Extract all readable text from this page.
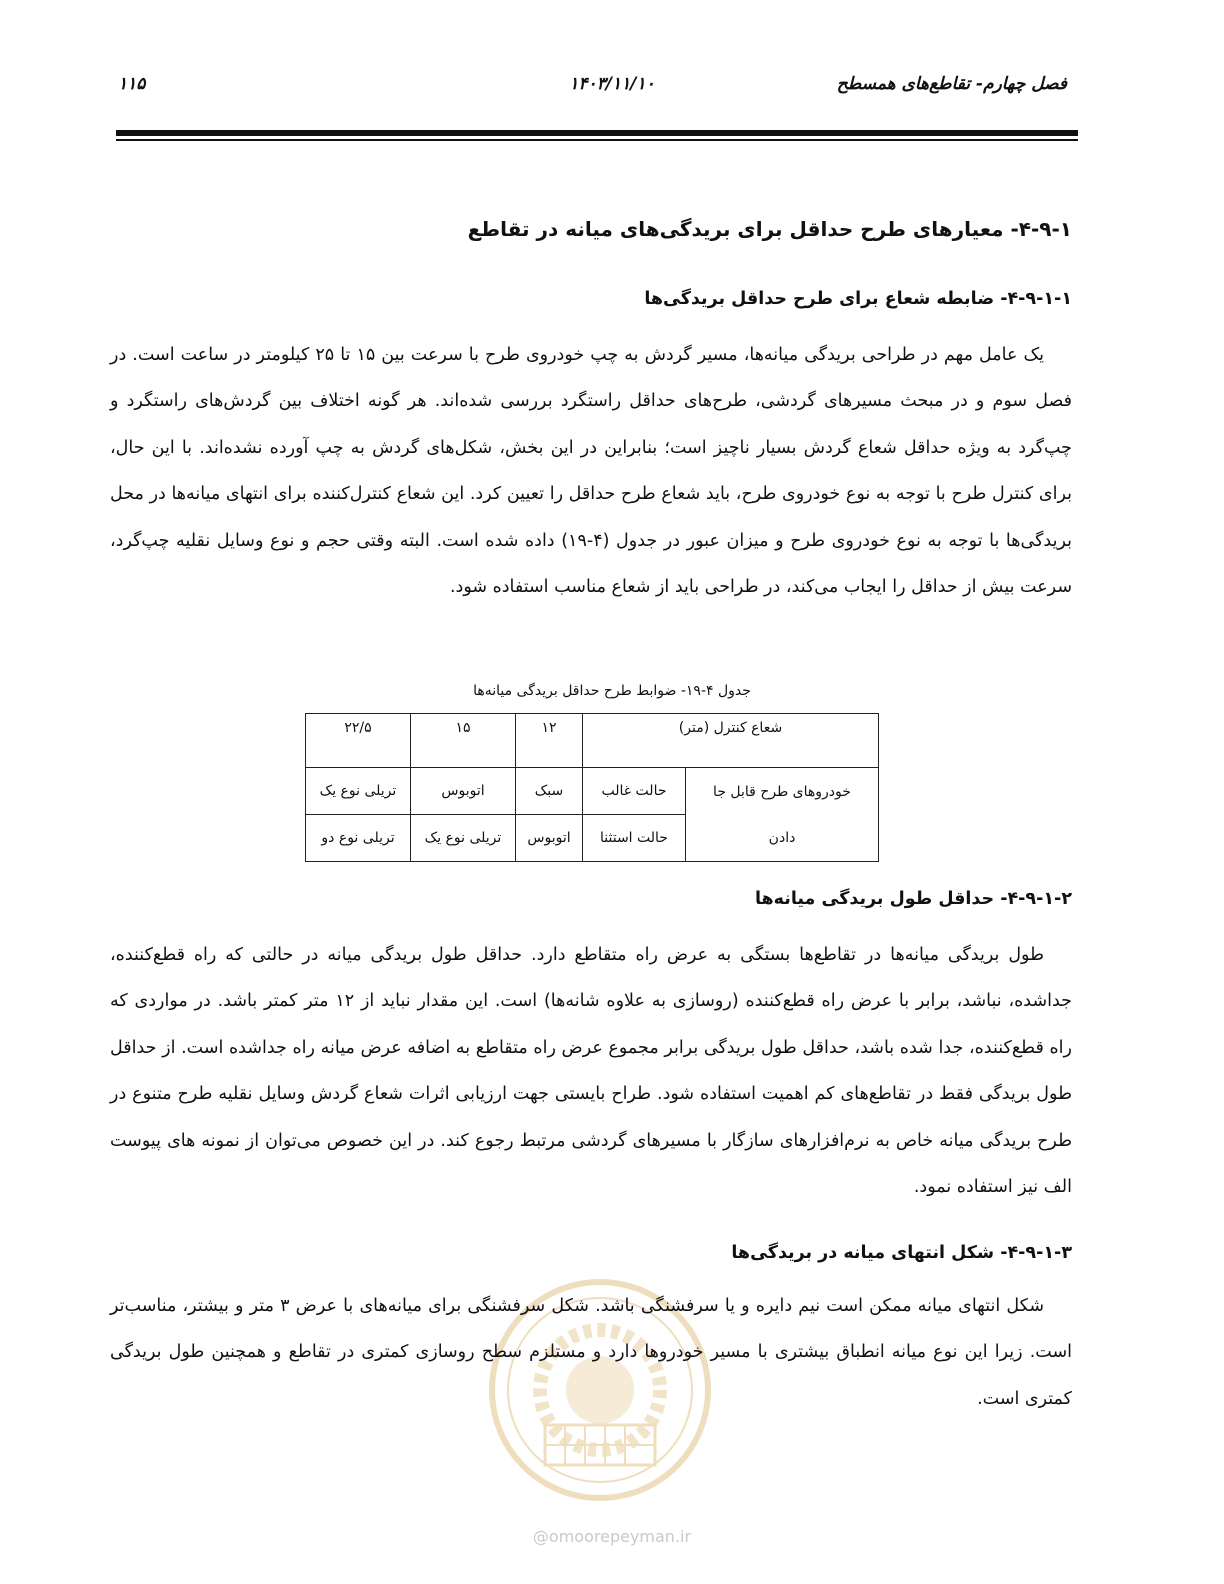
فصل چهارم- تقاطع‌های همسطح
۱۴۰۳/۱۱/۱۰
۱۱۵
۴-۹-۱- معیارهای طرح حداقل برای بریدگی‌های میانه در تقاطع
۴-۹-۱-۱- ضابطه شعاع برای طرح حداقل بریدگی‌ها
یک عامل مهم در طراحی بریدگی میانه‌ها، مسیر گردش به چپ خودروی طرح با سرعت بین ۱۵ تا ۲۵ کیلومتر در ساعت است. در فصل سوم و در مبحث مسیرهای گردشی، طرح‌های حداقل راستگرد بررسی شده‌اند. هر گونه اختلاف بین گردش‌های راستگرد و چپ‌گرد به ویژه حداقل شعاع گردش بسیار ناچیز است؛ بنابراین در این بخش، شکل‌های گردش به چپ آورده نشده‌اند. با این حال، برای کنترل طرح با توجه به نوع خودروی طرح، باید شعاع طرح حداقل را تعیین کرد. این شعاع کنترل‌کننده برای انتهای میانه‌ها در محل بریدگی‌ها با توجه به نوع خودروی طرح و میزان عبور در جدول (۴-۱۹) داده شده است. البته وقتی حجم و نوع وسایل نقلیه چپ‌گرد، سرعت بیش از حداقل را ایجاب می‌کند، در طراحی باید از شعاع مناسب استفاده شود.
جدول ۴-۱۹- ضوابط طرح حداقل بریدگی میانه‌ها
شعاع کنترل (متر)		۱۲	۱۵	۲۲/۵

خودروهای طرح قابل جا
دادن	حالت غالب	سبک	اتوبوس	تریلی نوع یک
	حالت استثنا	اتوبوس	تریلی نوع یک	تریلی نوع دو
۴-۹-۱-۲- حداقل طول بریدگی میانه‌ها
طول بریدگی میانه‌ها در تقاطع‌ها بستگی به عرض راه متقاطع دارد. حداقل طول بریدگی میانه در حالتی که راه قطع‌کننده، جداشده، نباشد، برابر با عرض راه قطع‌کننده (روسازی به علاوه شانه‌ها) است. این مقدار نباید از ۱۲ متر کمتر باشد. در مواردی که راه قطع‌کننده، جدا شده باشد، حداقل طول بریدگی برابر مجموع عرض راه متقاطع به اضافه عرض میانه راه جداشده است. از حداقل طول بریدگی فقط در تقاطع‌های کم اهمیت استفاده شود. طراح بایستی جهت ارزیابی اثرات شعاع گردش وسایل نقلیه طرح متنوع در طرح بریدگی میانه خاص به نرم‌افزارهای سازگار با مسیرهای گردشی مرتبط رجوع کند. در این خصوص می‌توان از نمونه های پیوست الف نیز استفاده نمود.
۴-۹-۱-۳- شکل انتهای میانه در بریدگی‌ها
شکل انتهای میانه ممکن است نیم دایره و یا سرفشنگی باشد. شکل سرفشنگی برای میانه‌های با عرض ۳ متر و بیشتر، مناسب‌تر است. زیرا این نوع میانه انطباق بیشتری با مسیر خودروها دارد و مستلزم سطح روسازی کمتری در تقاطع و همچنین طول بریدگی کمتری است.
@omoorepeyman.ir
